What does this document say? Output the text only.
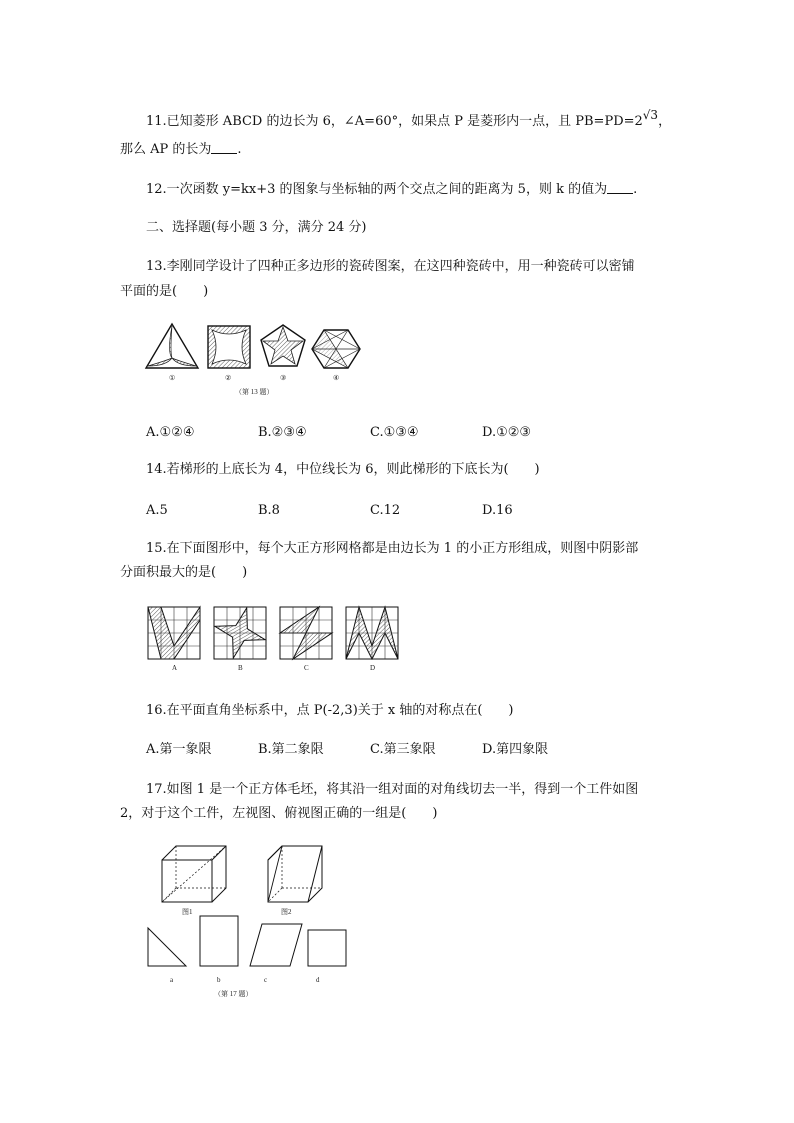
11.已知菱形 ABCD 的边长为 6，∠A=60°，如果点 P 是菱形内一点，且 PB=PD=2√3，
那么 AP 的长为 .
12.一次函数 y=kx+3 的图象与坐标轴的两个交点之间的距离为 5，则 k 的值为 .
二、选择题(每小题 3 分，满分 24 分)
13.李刚同学设计了四种正多边形的瓷砖图案，在这四种瓷砖中，用一种瓷砖可以密铺
平面的是(　　)
①	②	③	④
（第 13 题）
A.①②④	B.②③④	C.①③④	D.①②③
14.若梯形的上底长为 4，中位线长为 6，则此梯形的下底长为(　　)
A.5	B.8	C.12	D.16
15.在下面图形中，每个大正方形网格都是由边长为 1 的小正方形组成，则图中阴影部
分面积最大的是(　　)
A	B	C	D
16.在平面直角坐标系中，点 P(-2,3)关于 x 轴的对称点在(　　)
A.第一象限	B.第二象限	C.第三象限	D.第四象限
17.如图 1 是一个正方体毛坯，将其沿一组对面的对角线切去一半，得到一个工件如图
2，对于这个工件，左视图、俯视图正确的一组是(　　)
图1	图2
a	b	c	d
（第 17 题）
